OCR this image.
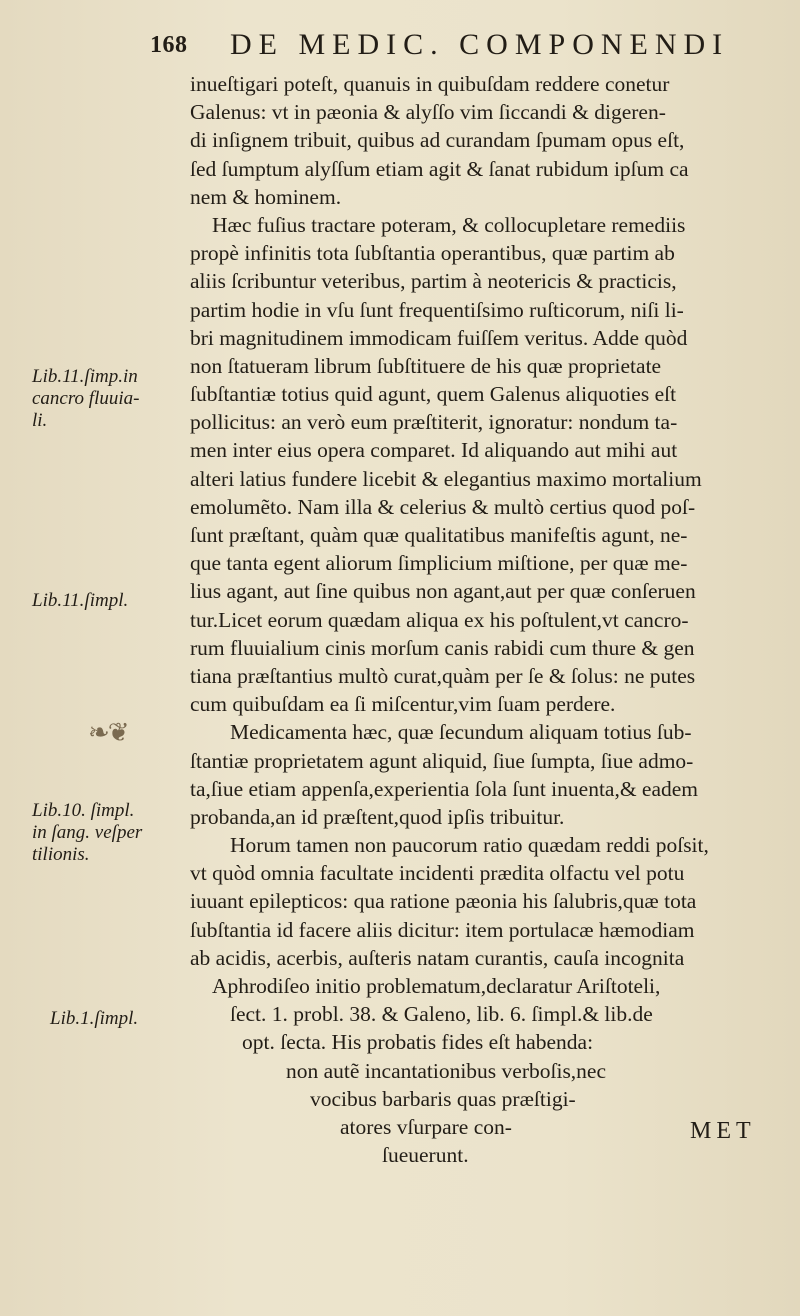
168 DE MEDIC. COMPONENDI
inueſtigari poteſt, quanuis in quibuſdam reddere conetur
Galenus: vt in pæonia & alyſſo vim ſiccandi & digeren-
di inſignem tribuit, quibus ad curandam ſpumam opus eſt,
ſed ſumptum alyſſum etiam agit & ſanat rubidum ipſum ca
nem & hominem.
Hæc fuſius tractare poteram, & collocupletare remediis
propè infinitis tota ſubſtantia operantibus, quæ partim ab
aliis ſcribuntur veteribus, partim à neotericis & practicis,
partim hodie in vſu ſunt frequentiſsimo ruſticorum, niſi li-
bri magnitudinem immodicam fuiſſem veritus. Adde quòd
non ſtatueram librum ſubſtituere de his quæ proprietate
ſubſtantiæ totius quid agunt, quem Galenus aliquoties eſt
pollicitus: an verò eum præſtiterit, ignoratur: nondum ta-
men inter eius opera comparet. Id aliquando aut mihi aut
alteri latius fundere licebit & elegantius maximo mortalium
emolumẽto. Nam illa & celerius & multò certius quod poſ-
ſunt præſtant, quàm quæ qualitatibus manifeſtis agunt, ne-
que tanta egent aliorum ſimplicium miſtione, per quæ me-
lius agant, aut ſine quibus non agant,aut per quæ conſeruen
tur.Licet eorum quædam aliqua ex his poſtulent,vt cancro-
rum fluuialium cinis morſum canis rabidi cum thure & gen
tiana præſtantius multò curat,quàm per ſe & ſolus: ne putes
cum quibuſdam ea ſi miſcentur,vim ſuam perdere.
Medicamenta hæc, quæ ſecundum aliquam totius ſub-
ſtantiæ proprietatem agunt aliquid, ſiue ſumpta, ſiue admo-
ta,ſiue etiam appenſa,experientia ſola ſunt inuenta,& eadem
probanda,an id præſtent,quod ipſis tribuitur.
Horum tamen non paucorum ratio quædam reddi poſsit,
vt quòd omnia facultate incidenti prædita olfactu vel potu
iuuant epilepticos: qua ratione pæonia his ſalubris,quæ tota
ſubſtantia id facere aliis dicitur: item portulacæ hæmodiam
ab acidis, acerbis, auſteris natam curantis, cauſa incognita
Aphrodiſeo initio problematum,declaratur Ariſtoteli,
ſect. 1. probl. 38. & Galeno, lib. 6. ſimpl.& lib.de
opt. ſecta. His probatis fides eſt habenda:
non autẽ incantationibus verboſis,nec
vocibus barbaris quas præſtigi-
atores vſurpare con-
ſueuerunt.
Lib.11.ſimp.in
cancro fluuia-
li.
Lib.11.ſimpl.
❧❦
Lib.10. ſimpl.
in ſang. veſper
tilionis.
Lib.1.ſimpl.
MET
